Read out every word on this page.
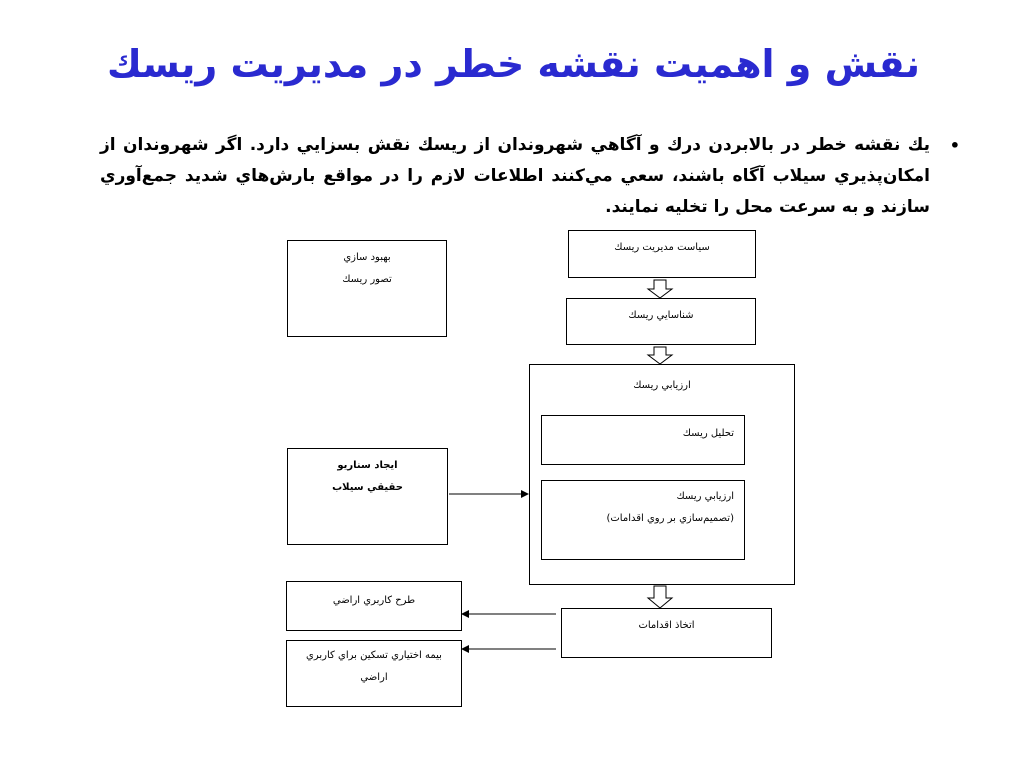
نقش و اهميت نقشه خطر در مديريت ريسك
•
يك نقشه خطر در بالابردن درك و آگاهي شهروندان از ريسك نقش بسزايي دارد. اگر شهروندان از امكان‌پذيري سيلاب آگاه باشند، سعي مي‌كنند اطلاعات لازم را در مواقع بارش‌هاي شديد جمع‌آوري سازند و به سرعت محل را تخليه نمايند.
سياست مديريت ريسك
شناسايي ريسك
ارزيابي ريسك
تحليل ريسك
ارزيابي ريسك
(تصميم‌سازي بر روي اقدامات)
اتخاذ اقدامات
بهبود سازي
تصور ريسك
ايجاد سناريو
حقيقي سيلاب
طرح كاربري اراضي
بيمه اختياري تسكين براي كاربري
اراضي
